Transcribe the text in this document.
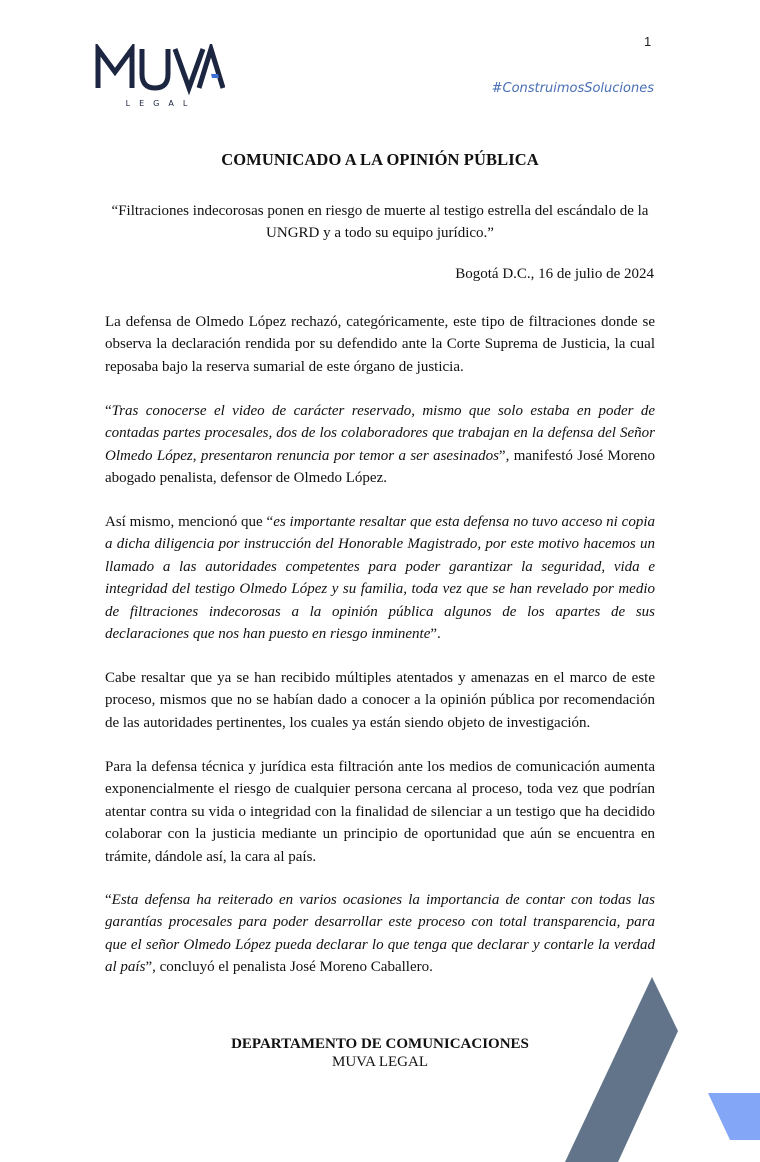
1
LEGAL
#ConstruimosSoluciones
COMUNICADO A LA OPINIÓN PÚBLICA
“Filtraciones indecorosas ponen en riesgo de muerte al testigo estrella del escándalo de la UNGRD y a todo su equipo jurídico.”
Bogotá D.C., 16 de julio de 2024
La defensa de Olmedo López rechazó, categóricamente, este tipo de filtraciones donde se observa la declaración rendida por su defendido ante la Corte Suprema de Justicia, la cual reposaba bajo la reserva sumarial de este órgano de justicia.
“Tras conocerse el video de carácter reservado, mismo que solo estaba en poder de contadas partes procesales, dos de los colaboradores que trabajan en la defensa del Señor Olmedo López, presentaron renuncia por temor a ser asesinados”, manifestó José Moreno abogado penalista, defensor de Olmedo López.
Así mismo, mencionó que “es importante resaltar que esta defensa no tuvo acceso ni copia a dicha diligencia por instrucción del Honorable Magistrado, por este motivo hacemos un llamado a las autoridades competentes para poder garantizar la seguridad, vida e integridad del testigo Olmedo López y su familia, toda vez que se han revelado por medio de filtraciones indecorosas a la opinión pública algunos de los apartes de sus declaraciones que nos han puesto en riesgo inminente”.
Cabe resaltar que ya se han recibido múltiples atentados y amenazas en el marco de este proceso, mismos que no se habían dado a conocer a la opinión pública por recomendación de las autoridades pertinentes, los cuales ya están siendo objeto de investigación.
Para la defensa técnica y jurídica esta filtración ante los medios de comunicación aumenta exponencialmente el riesgo de cualquier persona cercana al proceso, toda vez que podrían atentar contra su vida o integridad con la finalidad de silenciar a un testigo que ha decidido colaborar con la justicia mediante un principio de oportunidad que aún se encuentra en trámite, dándole así, la cara al país.
“Esta defensa ha reiterado en varios ocasiones la importancia de contar con todas las garantías procesales para poder desarrollar este proceso con total transparencia, para que el señor Olmedo López pueda declarar lo que tenga que declarar y contarle la verdad al país”, concluyó el penalista José Moreno Caballero.
DEPARTAMENTO DE COMUNICACIONES
MUVA LEGAL
